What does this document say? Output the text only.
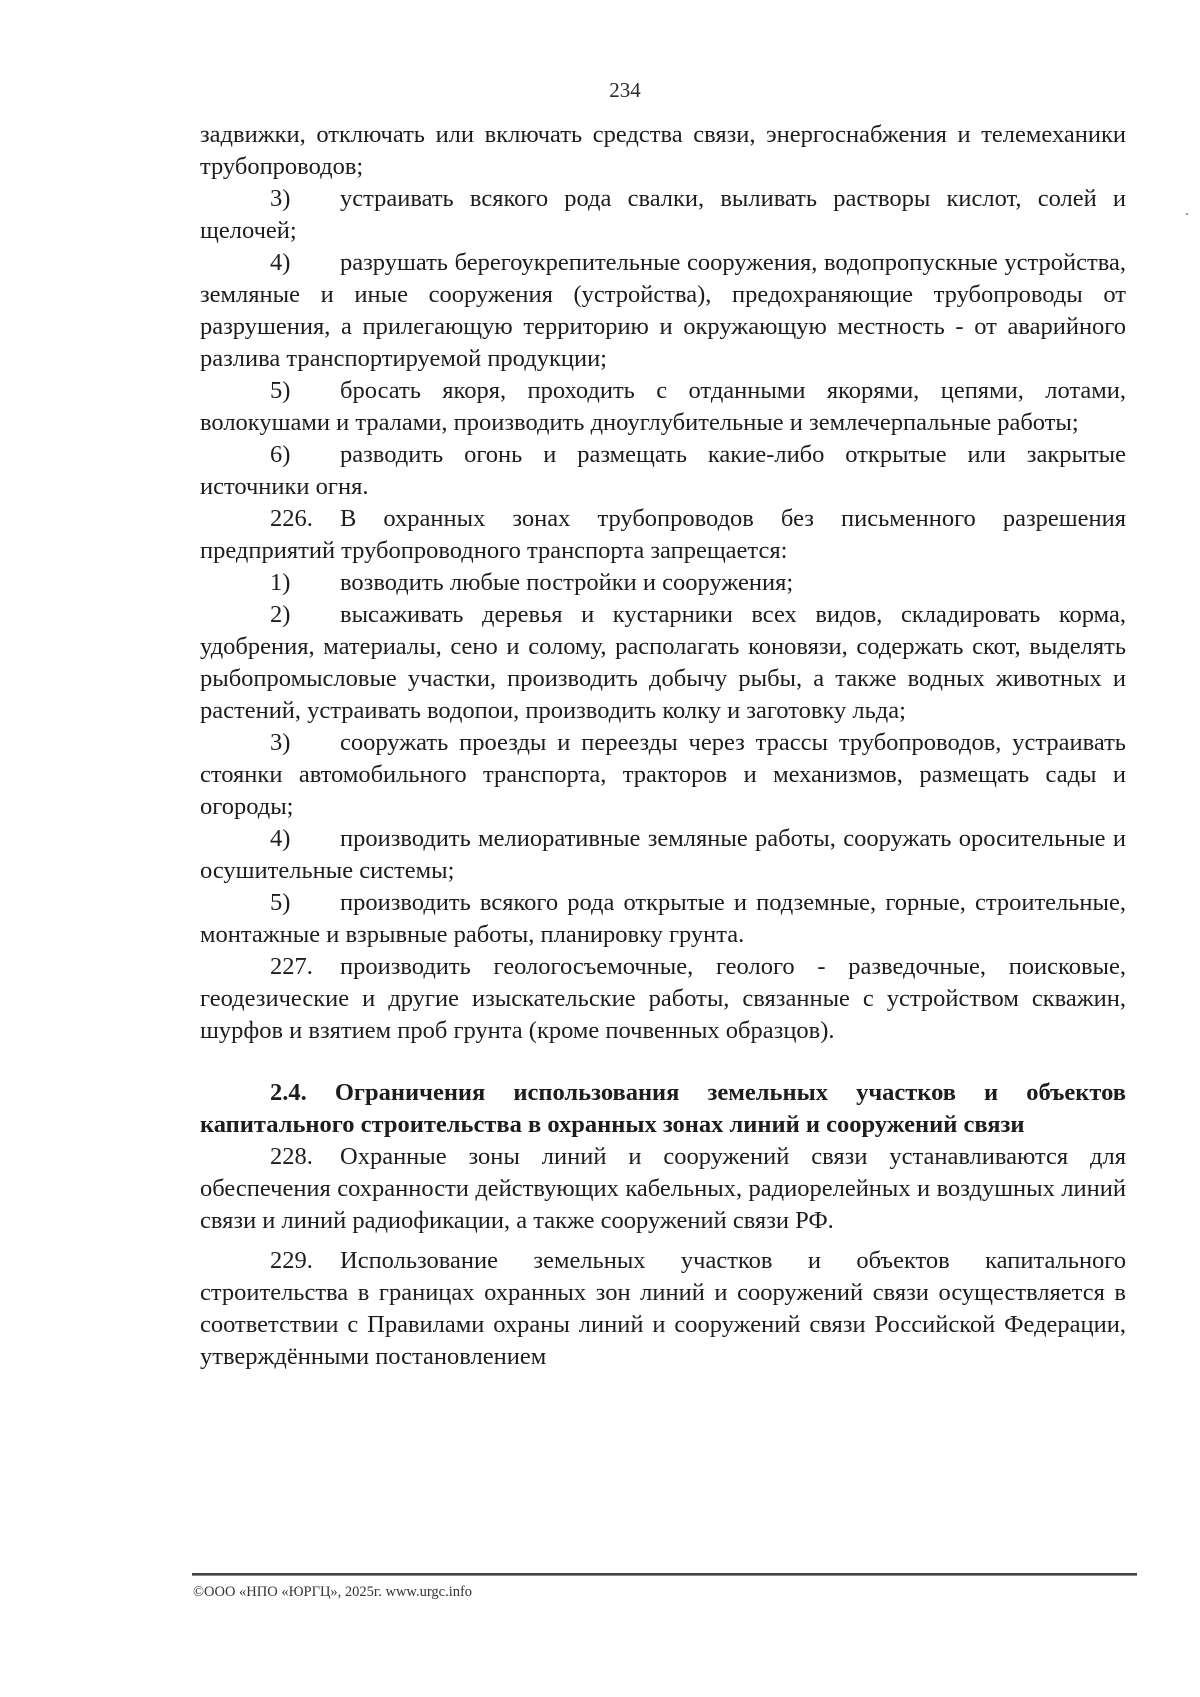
234

задвижки, отключать или включать средства связи, энергоснабжения и телемеханики трубопроводов;

3) устраивать всякого рода свалки, выливать растворы кислот, солей и щелочей;

4) разрушать берегоукрепительные сооружения, водопропускные устройства, земляные и иные сооружения (устройства), предохраняющие трубопроводы от разрушения, а прилегающую территорию и окружающую местность - от аварийного разлива транспортируемой продукции;

5) бросать якоря, проходить с отданными якорями, цепями, лотами, волокушами и тралами, производить дноуглубительные и землечерпальные работы;

6) разводить огонь и размещать какие-либо открытые или закрытые источники огня.

226. В охранных зонах трубопроводов без письменного разрешения предприятий трубопроводного транспорта запрещается:

1) возводить любые постройки и сооружения;

2) высаживать деревья и кустарники всех видов, складировать корма, удобрения, материалы, сено и солому, располагать коновязи, содержать скот, выделять рыбопромысловые участки, производить добычу рыбы, а также водных животных и растений, устраивать водопои, производить колку и заготовку льда;

3) сооружать проезды и переезды через трассы трубопроводов, устраивать стоянки автомобильного транспорта, тракторов и механизмов, размещать сады и огороды;

4) производить мелиоративные земляные работы, сооружать оросительные и осушительные системы;

5) производить всякого рода открытые и подземные, горные, строительные, монтажные и взрывные работы, планировку грунта.

227. производить геологосъемочные, геолого - разведочные, поисковые, геодезические и другие изыскательские работы, связанные с устройством скважин, шурфов и взятием проб грунта (кроме почвенных образцов).

2.4. Ограничения использования земельных участков и объектов капитального строительства в охранных зонах линий и сооружений связи

228. Охранные зоны линий и сооружений связи устанавливаются для обеспечения сохранности действующих кабельных, радиорелейных и воздушных линий связи и линий радиофикации, а также сооружений связи РФ.

229. Использование земельных участков и объектов капитального строительства в границах охранных зон линий и сооружений связи осуществляется в соответствии с Правилами охраны линий и сооружений связи Российской Федерации, утверждёнными постановлением

©ООО «НПО «ЮРГЦ», 2025г. www.urgc.info
